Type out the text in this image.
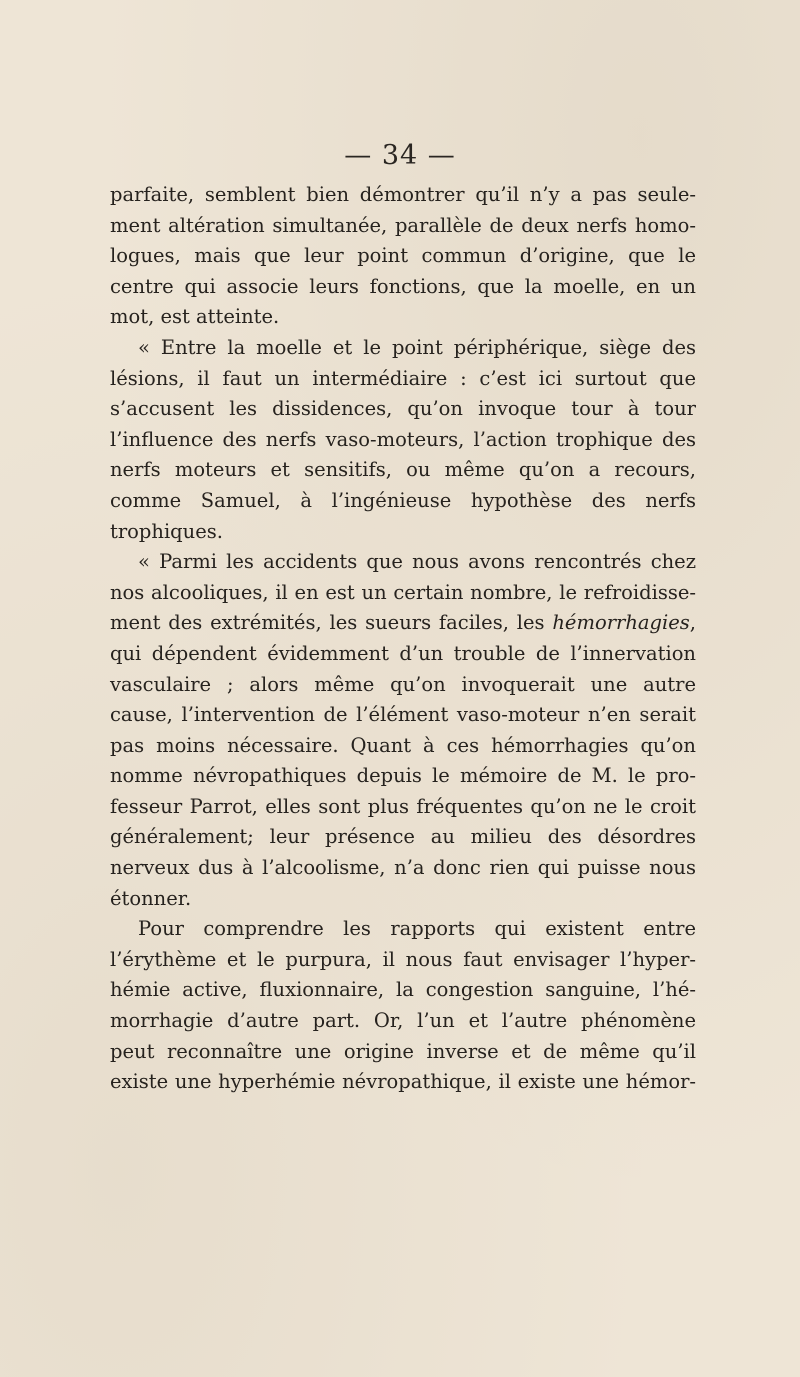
— 34 —
parfaite, semblent bien démontrer qu’il n’y a pas seule-
ment altération simultanée, parallèle de deux nerfs homo-
logues, mais que leur point commun d’origine, que le
centre qui associe leurs fonctions, que la moelle, en un
mot, est atteinte.
« Entre la moelle et le point périphérique, siège des
lésions, il faut un intermédiaire : c’est ici surtout que
s’accusent les dissidences, qu’on invoque tour à tour
l’influence des nerfs vaso-moteurs, l’action trophique des
nerfs moteurs et sensitifs, ou même qu’on a recours,
comme Samuel, à l’ingénieuse hypothèse des nerfs
trophiques.
« Parmi les accidents que nous avons rencontrés chez
nos alcooliques, il en est un certain nombre, le refroidisse-
ment des extrémités, les sueurs faciles, les hémorrhagies,
qui dépendent évidemment d’un trouble de l’innervation
vasculaire ; alors même qu’on invoquerait une autre
cause, l’intervention de l’élément vaso-moteur n’en serait
pas moins nécessaire. Quant à ces hémorrhagies qu’on
nomme névropathiques depuis le mémoire de M. le pro-
fesseur Parrot, elles sont plus fréquentes qu’on ne le croit
généralement; leur présence au milieu des désordres
nerveux dus à l’alcoolisme, n’a donc rien qui puisse nous
étonner.
Pour comprendre les rapports qui existent entre
l’érythème et le purpura, il nous faut envisager l’hyper-
hémie active, fluxionnaire, la congestion sanguine, l’hé-
morrhagie d’autre part. Or, l’un et l’autre phénomène
peut reconnaître une origine inverse et de même qu’il
existe une hyperhémie névropathique, il existe une hémor-
